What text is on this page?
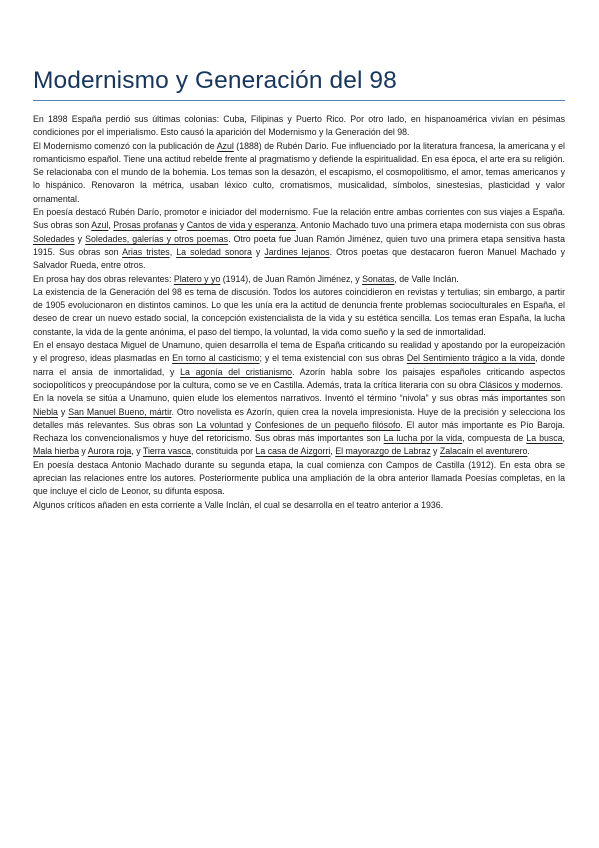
Modernismo y Generación del 98

En 1898 España perdió sus últimas colonias: Cuba, Filipinas y Puerto Rico. Por otro lado, en hispanoamérica vivían en pésimas condiciones por el imperialismo. Esto causó la aparición del Modernismo y la Generación del 98.

El Modernismo comenzó con la publicación de Azul (1888) de Rubén Darío. Fue influenciado por la literatura francesa, la americana y el romanticismo español. Tiene una actitud rebelde frente al pragmatismo y defiende la espiritualidad. En esa época, el arte era su religión. Se relacionaba con el mundo de la bohemia. Los temas son la desazón, el escapismo, el cosmopolitismo, el amor, temas americanos y lo hispánico. Renovaron la métrica, usaban léxico culto, cromatismos, musicalidad, símbolos, sinestesias, plasticidad y valor ornamental.

En poesía destacó Rubén Darío, promotor e iniciador del modernismo. Fue la relación entre ambas corrientes con sus viajes a España. Sus obras son Azul, Prosas profanas y Cantos de vida y esperanza. Antonio Machado tuvo una primera etapa modernista con sus obras Soledades y Soledades, galerías y otros poemas. Otro poeta fue Juan Ramón Jiménez, quien tuvo una primera etapa sensitiva hasta 1915. Sus obras son Arias tristes, La soledad sonora y Jardines lejanos. Otros poetas que destacaron fueron Manuel Machado y Salvador Rueda, entre otros.

En prosa hay dos obras relevantes: Platero y yo (1914), de Juan Ramón Jiménez, y Sonatas, de Valle Inclán.

La existencia de la Generación del 98 es tema de discusión. Todos los autores coincidieron en revistas y tertulias; sin embargo, a partir de 1905 evolucionaron en distintos caminos. Lo que les unía era la actitud de denuncia frente problemas socioculturales en España, el deseo de crear un nuevo estado social, la concepción existencialista de la vida y su estética sencilla. Los temas eran España, la lucha constante, la vida de la gente anónima, el paso del tiempo, la voluntad, la vida como sueño y la sed de inmortalidad.

En el ensayo destaca Miguel de Unamuno, quien desarrolla el tema de España criticando su realidad y apostando por la europeización y el progreso, ideas plasmadas en En torno al casticismo; y el tema existencial con sus obras Del Sentimiento trágico a la vida, donde narra el ansia de inmortalidad, y La agonía del cristianismo. Azorín habla sobre los paisajes españoles criticando aspectos sociopolíticos y preocupándose por la cultura, como se ve en Castilla. Además, trata la crítica literaria con su obra Clásicos y modernos.

En la novela se sitúa a Unamuno, quien elude los elementos narrativos. Inventó el término “nivola” y sus obras más importantes son Niebla y San Manuel Bueno, mártir. Otro novelista es Azorín, quien crea la novela impresionista. Huye de la precisión y selecciona los detalles más relevantes. Sus obras son La voluntad y Confesiones de un pequeño filósofo. El autor más importante es Pío Baroja. Rechaza los convencionalismos y huye del retoricismo. Sus obras más importantes son La lucha por la vida, compuesta de La busca, Mala hierba y Aurora roja, y Tierra vasca, constituida por La casa de Aizgorri, El mayorazgo de Labraz y Zalacaín el aventurero.

En poesía destaca Antonio Machado durante su segunda etapa, la cual comienza con Campos de Castilla (1912). En esta obra se aprecian las relaciones entre los autores. Posteriormente publica una ampliación de la obra anterior llamada Poesías completas, en la que incluye el ciclo de Leonor, su difunta esposa.

Algunos críticos añaden en esta corriente a Valle Inclán, el cual se desarrolla en el teatro anterior a 1936.
